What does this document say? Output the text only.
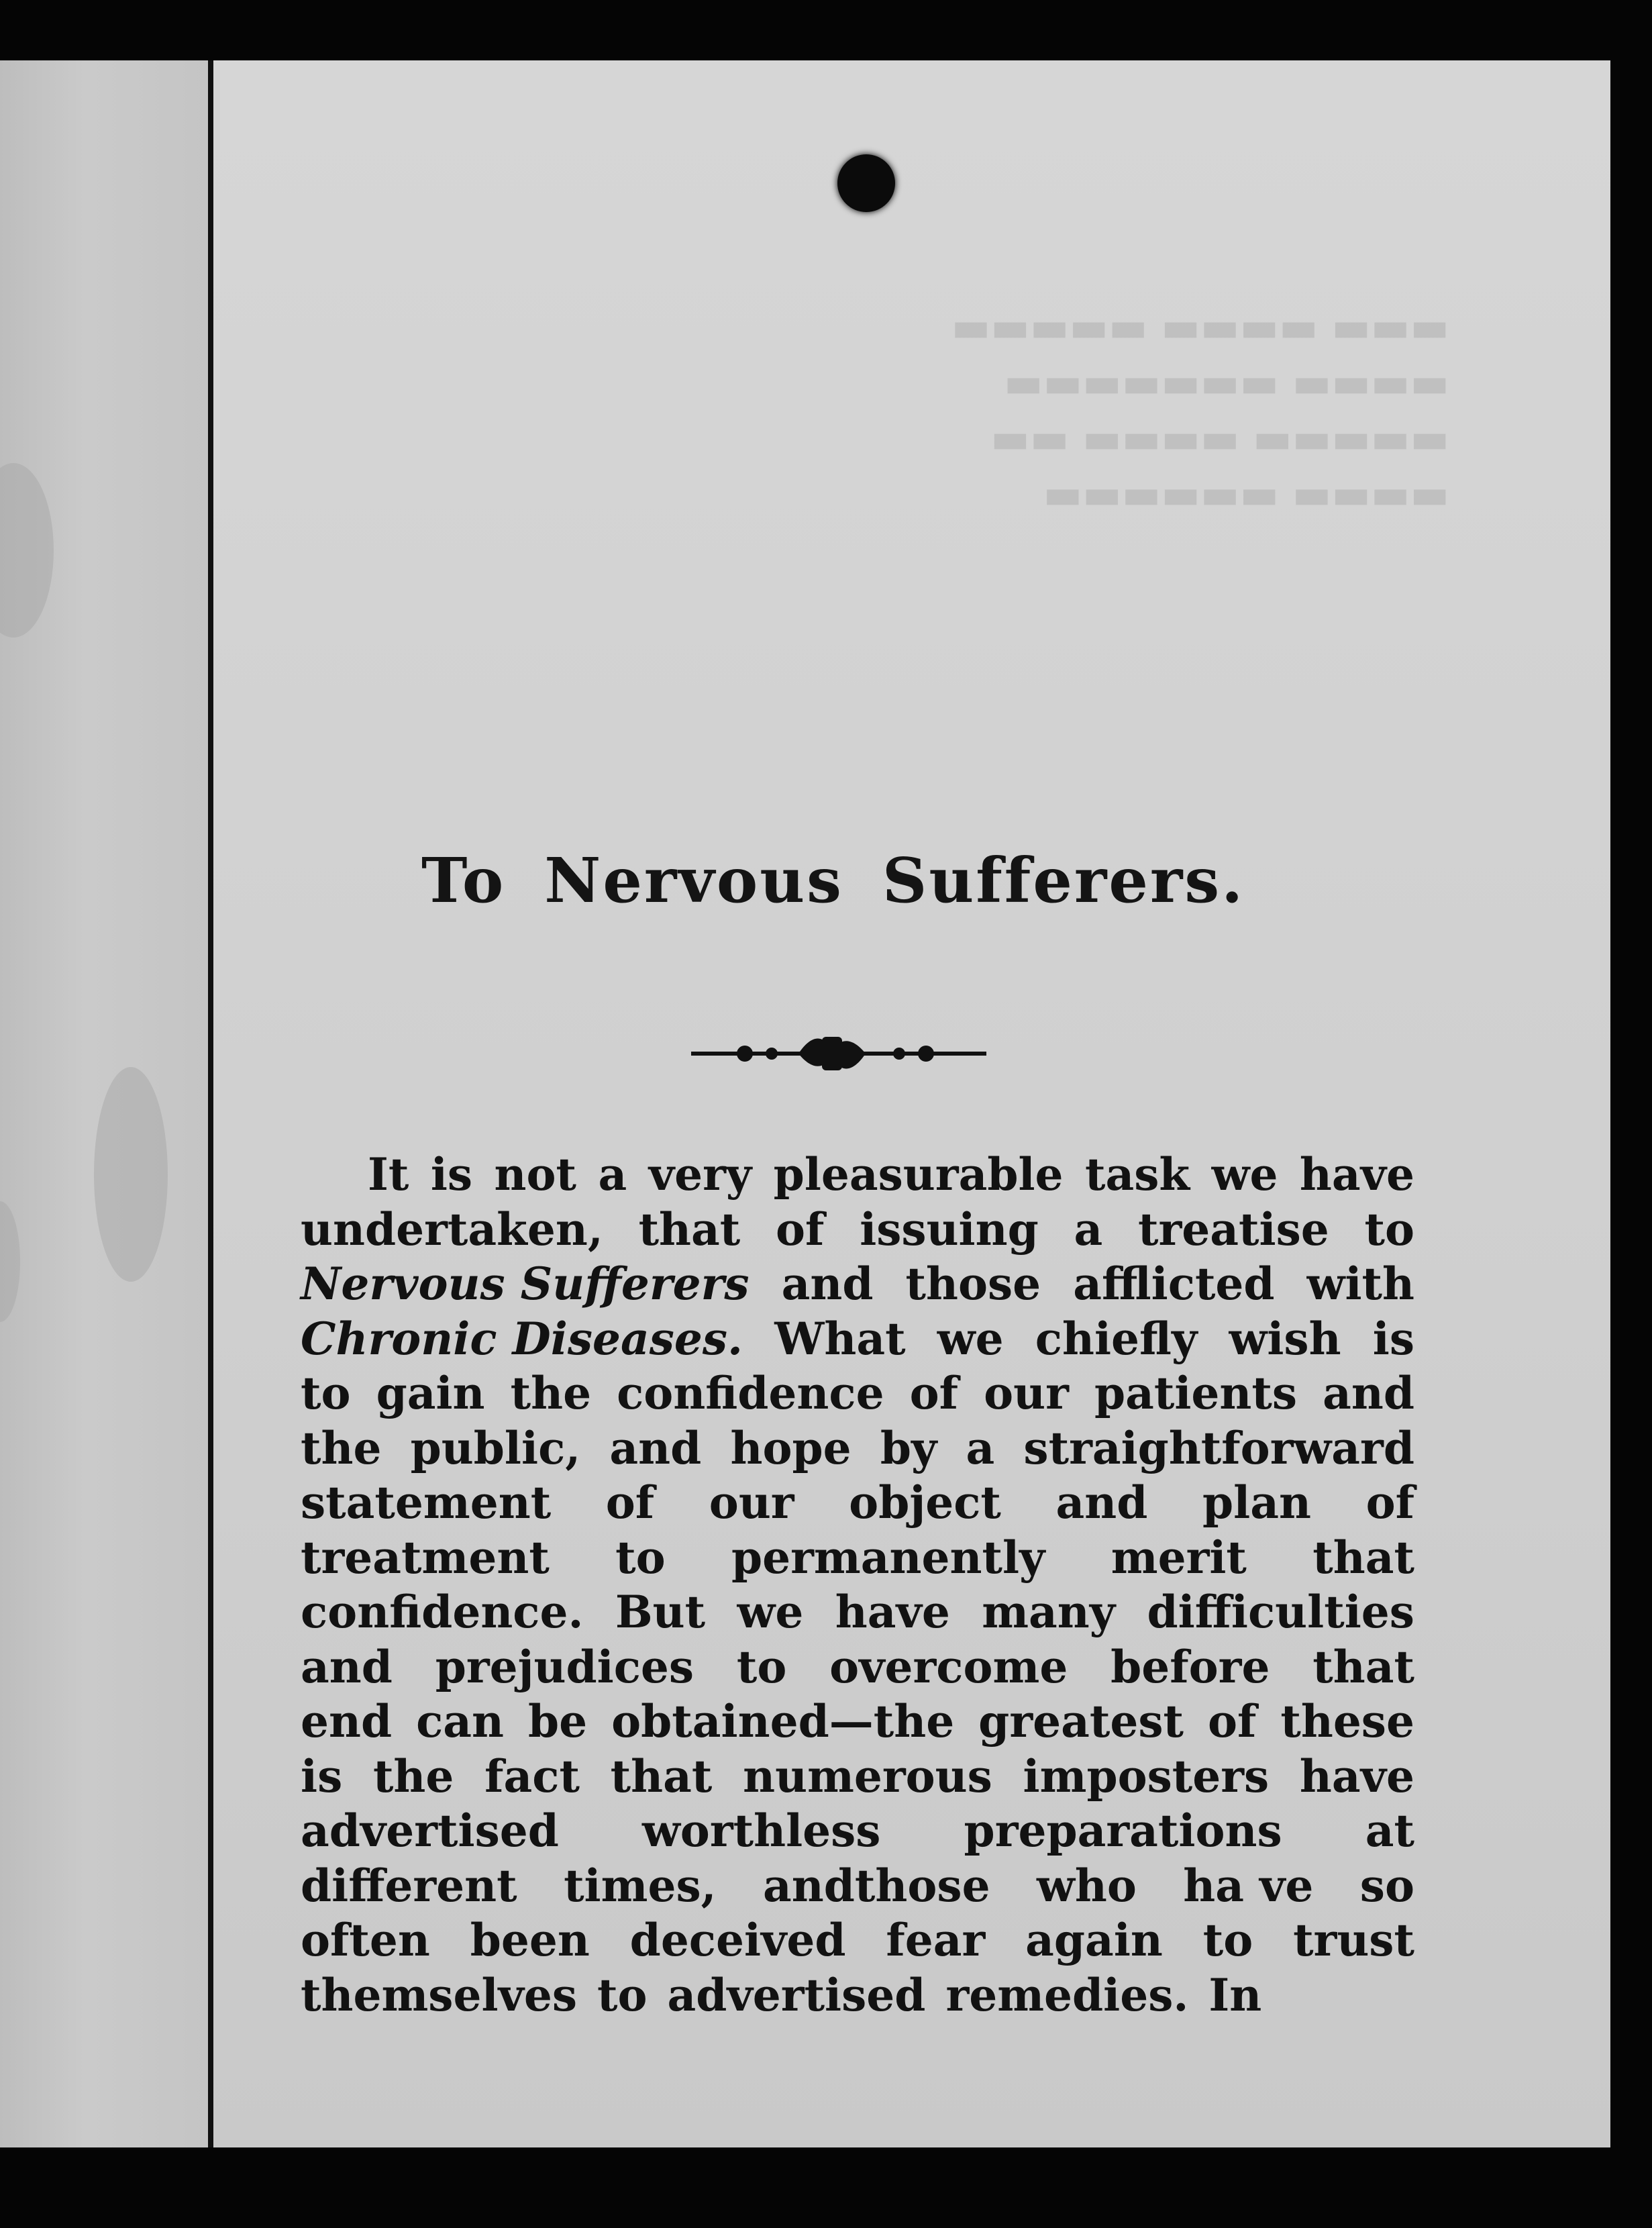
▬▬▬ ▬▬▬▬ ▬▬▬▬▬
▬▬▬▬ ▬▬▬▬▬▬▬
▬▬▬▬▬ ▬▬▬▬ ▬▬
▬▬▬▬ ▬▬▬▬▬▬
To Nervous Sufferers.
It is not a very pleasurable task we have
undertaken, that of issuing a treatise to
Nervous Sufferers and those afflicted with
Chronic Diseases. What we chiefly wish is
to gain the confidence of our patients and
the public, and hope by a straightforward
statement of our object and plan of
treatment to permanently merit that
confidence. But we have many difficulties
and prejudices to overcome before that
end can be obtained—the greatest of these
is the fact that numerous imposters have
advertised worthless preparations at
different times, andthose who ha ve so
often been deceived fear again to trust
themselves to advertised remedies. In
